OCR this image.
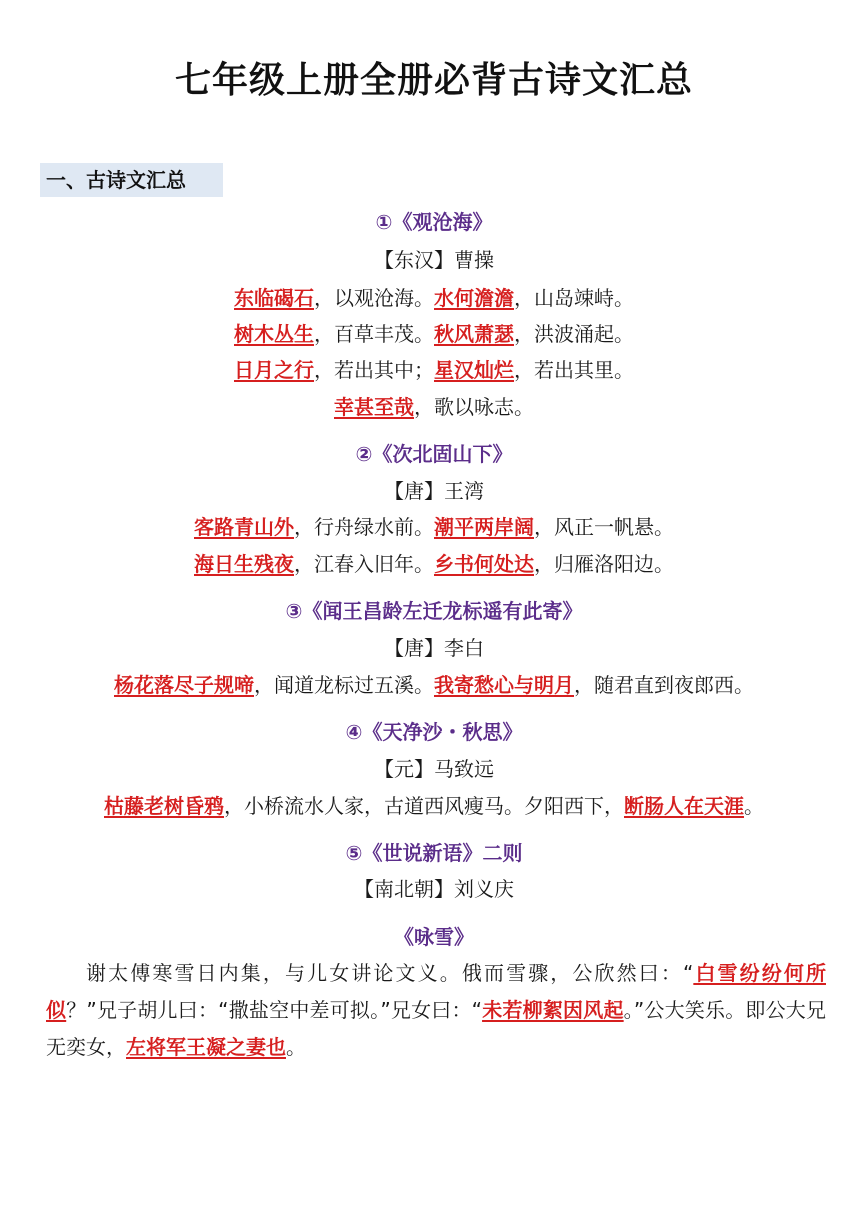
七年级上册全册必背古诗文汇总
一、古诗文汇总
①《观沧海》
【东汉】曹操
东临碣石，以观沧海。水何澹澹，山岛竦峙。
树木丛生，百草丰茂。秋风萧瑟，洪波涌起。
日月之行，若出其中；星汉灿烂，若出其里。
幸甚至哉，歌以咏志。
②《次北固山下》
【唐】王湾
客路青山外，行舟绿水前。潮平两岸阔，风正一帆悬。
海日生残夜，江春入旧年。乡书何处达，归雁洛阳边。
③《闻王昌龄左迁龙标遥有此寄》
【唐】李白
杨花落尽子规啼，闻道龙标过五溪。我寄愁心与明月，随君直到夜郎西。
④《天净沙・秋思》
【元】马致远
枯藤老树昏鸦，小桥流水人家，古道西风瘦马。夕阳西下，断肠人在天涯。
⑤《世说新语》二则
【南北朝】刘义庆
《咏雪》

谢太傅寒雪日内集，与儿女讲论文义。俄而雪骤，公欣然曰：“白雪纷纷何所似？”兄子胡儿曰：“撒盐空中差可拟。”兄女曰：“未若柳絮因风起。”公大笑乐。即公大兄无奕女，左将军王凝之妻也。
